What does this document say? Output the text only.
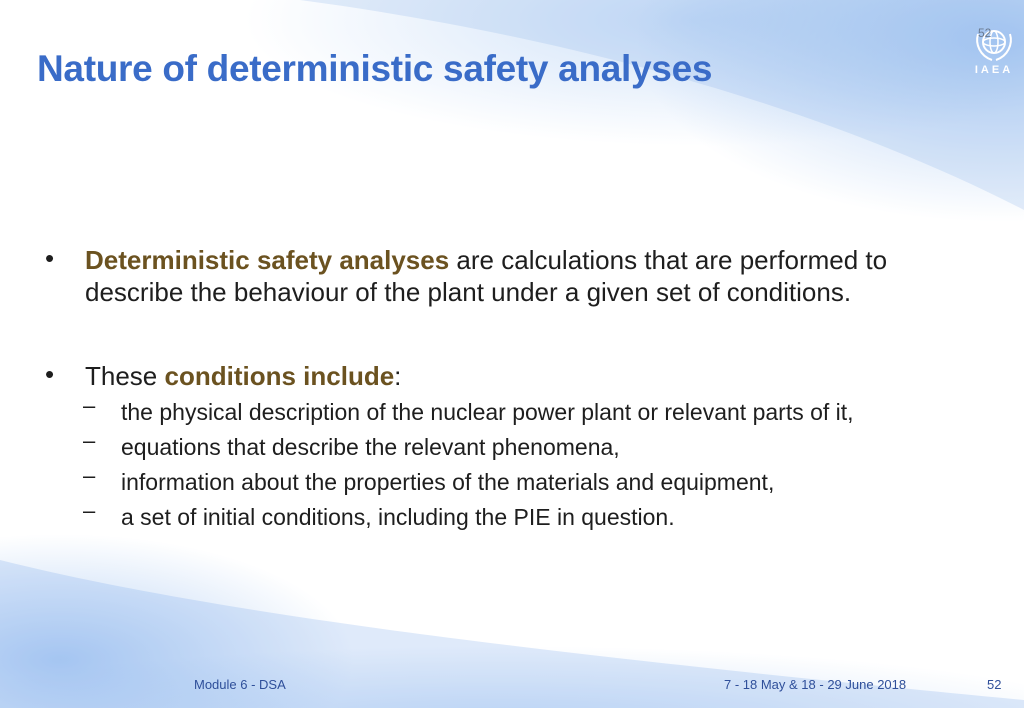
Nature of deterministic safety analyses	IAEA
52
• Deterministic safety analyses are calculations that are performed to describe the behaviour of the plant under a given set of conditions.
• These conditions include:
– the physical description of the nuclear power plant or relevant parts of it,
– equations that describe the relevant phenomena,
– information about the properties of the materials and equipment,
– a set of initial conditions, including the PIE in question.
Module 6 - DSA	7 - 18 May & 18 - 29 June 2018	52
